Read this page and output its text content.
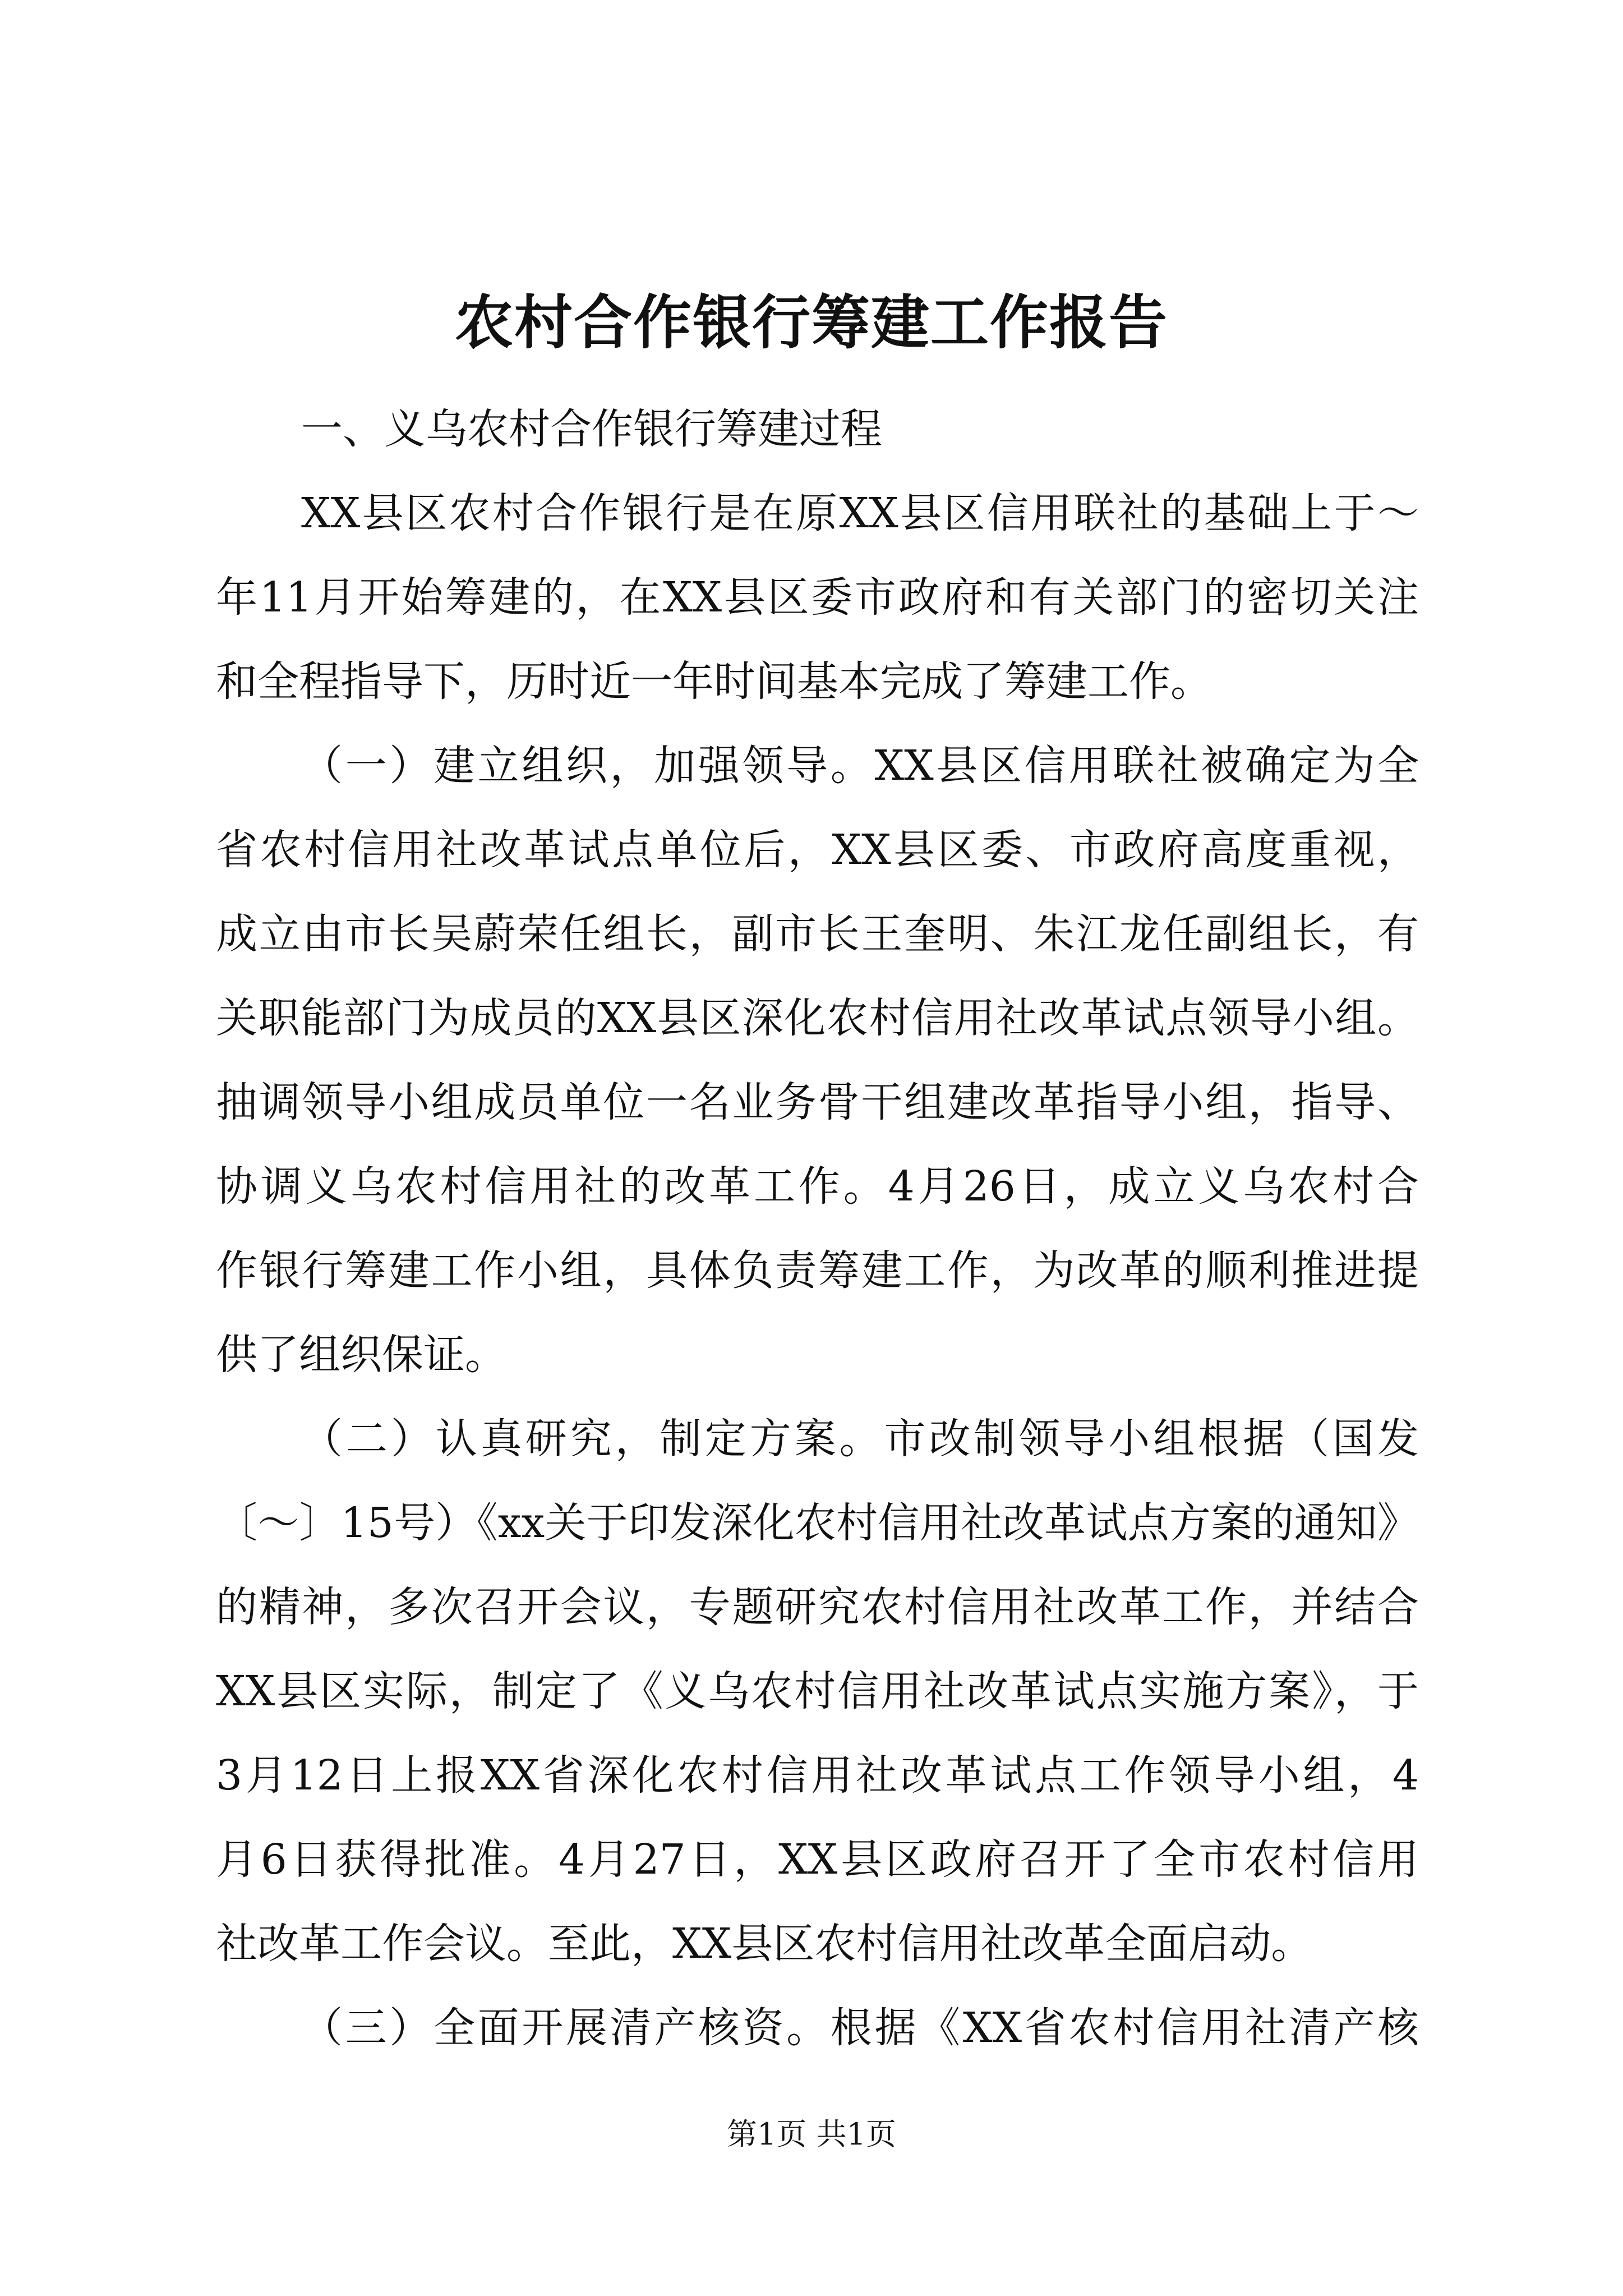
农村合作银行筹建工作报告
一、义乌农村合作银行筹建过程
XX县区农村合作银行是在原XX县区信用联社的基础上于～
年11月开始筹建的，在XX县区委市政府和有关部门的密切关注
和全程指导下，历时近一年时间基本完成了筹建工作。
（一）建立组织，加强领导。XX县区信用联社被确定为全
省农村信用社改革试点单位后，XX县区委、市政府高度重视，
成立由市长吴蔚荣任组长，副市长王奎明、朱江龙任副组长，有
关职能部门为成员的XX县区深化农村信用社改革试点领导小组。
抽调领导小组成员单位一名业务骨干组建改革指导小组，指导、
协调义乌农村信用社的改革工作。4月26日，成立义乌农村合
作银行筹建工作小组，具体负责筹建工作，为改革的顺利推进提
供了组织保证。
（二）认真研究，制定方案。市改制领导小组根据（国发
〔～〕15号）《xx关于印发深化农村信用社改革试点方案的通知》
的精神，多次召开会议，专题研究农村信用社改革工作，并结合
XX县区实际，制定了《义乌农村信用社改革试点实施方案》，于
3月12日上报XX省深化农村信用社改革试点工作领导小组，4
月6日获得批准。4月27日，XX县区政府召开了全市农村信用
社改革工作会议。至此，XX县区农村信用社改革全面启动。
（三）全面开展清产核资。根据《XX省农村信用社清产核
第1页 共1页
